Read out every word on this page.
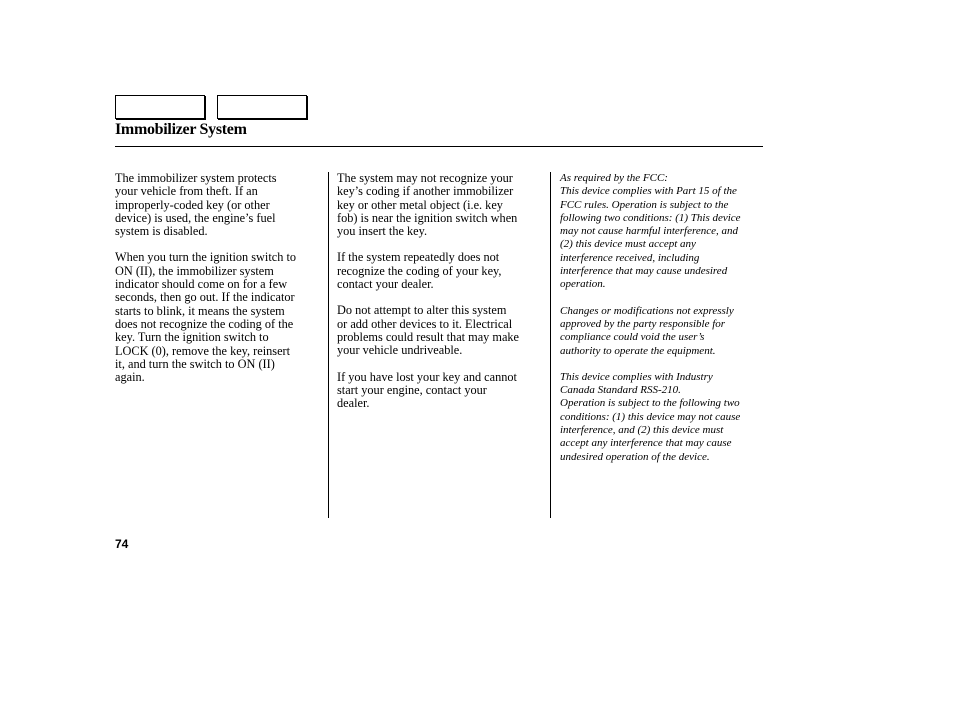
Immobilizer System

The immobilizer system protects
your vehicle from theft. If an
improperly-coded key (or other
device) is used, the engine’s fuel
system is disabled.

When you turn the ignition switch to
ON (II), the immobilizer system
indicator should come on for a few
seconds, then go out. If the indicator
starts to blink, it means the system
does not recognize the coding of the
key. Turn the ignition switch to
LOCK (0), remove the key, reinsert
it, and turn the switch to ON (II)
again.

The system may not recognize your
key’s coding if another immobilizer
key or other metal object (i.e. key
fob) is near the ignition switch when
you insert the key.

If the system repeatedly does not
recognize the coding of your key,
contact your dealer.

Do not attempt to alter this system
or add other devices to it. Electrical
problems could result that may make
your vehicle undriveable.

If you have lost your key and cannot
start your engine, contact your
dealer.

As required by the FCC:
This device complies with Part 15 of the
FCC rules. Operation is subject to the
following two conditions: (1) This device
may not cause harmful interference, and
(2) this device must accept any
interference received, including
interference that may cause undesired
operation.

Changes or modifications not expressly
approved by the party responsible for
compliance could void the user’s
authority to operate the equipment.

This device complies with Industry
Canada Standard RSS-210.

Operation is subject to the following two
conditions: (1) this device may not cause
interference, and (2) this device must
accept any interference that may cause
undesired operation of the device.

74
